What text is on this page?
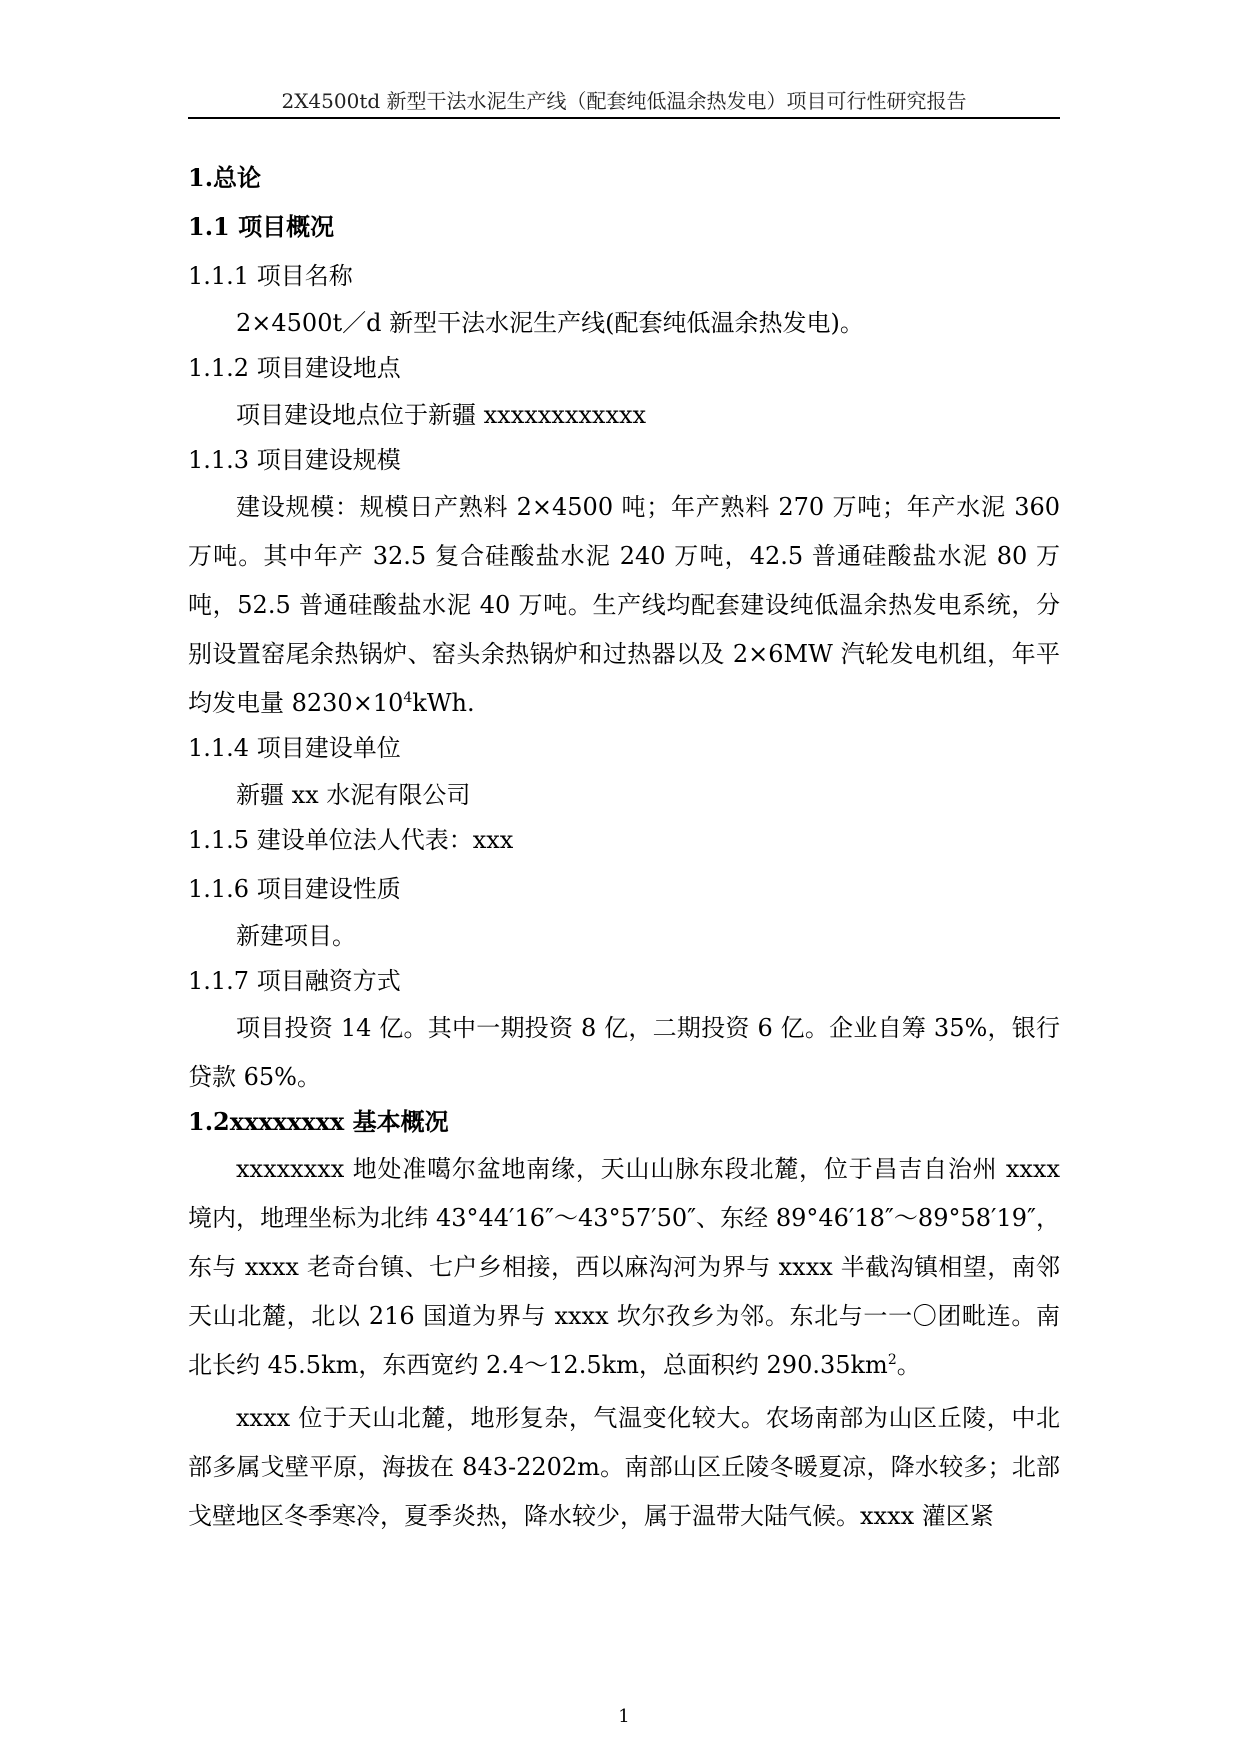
2X4500td 新型干法水泥生产线（配套纯低温余热发电）项目可行性研究报告
1.总论
1.1 项目概况
1.1.1 项目名称

2×4500t／d 新型干法水泥生产线(配套纯低温余热发电)。

1.1.2 项目建设地点

项目建设地点位于新疆 xxxxxxxxxxxx

1.1.3 项目建设规模

建设规模：规模日产熟料 2×4500 吨；年产熟料 270 万吨；年产水泥 360 万吨。其中年产 32.5 复合硅酸盐水泥 240 万吨，42.5 普通硅酸盐水泥 80 万吨，52.5 普通硅酸盐水泥 40 万吨。生产线均配套建设纯低温余热发电系统，分别设置窑尾余热锅炉、窑头余热锅炉和过热器以及 2×6MW 汽轮发电机组，年平均发电量 $8230\times 10^4kWh$.

1.1.4 项目建设单位

新疆 xx 水泥有限公司

1.1.5 建设单位法人代表：xxx
1.1.6 项目建设性质

新建项目。

1.1.7 项目融资方式

项目投资 14 亿。其中一期投资 8 亿，二期投资 6 亿。企业自筹 35%，银行贷款 65%。

1.2xxxxxxxx 基本概况

xxxxxxxx 地处准噶尔盆地南缘，天山山脉东段北麓，位于昌吉自治州 xxxx 境内，地理坐标为北纬 43°44′16″～43°57′50″、东经 89°46′18″～89°58′19″，东与 xxxx 老奇台镇、七户乡相接，西以麻沟河为界与 xxxx 半截沟镇相望，南邻天山北麓，北以 216 国道为界与 xxxx 坎尔孜乡为邻。东北与一一〇团毗连。南北长约 45.5km，东西宽约 2.4～12.5km，总面积约 $290.35km^2$。

xxxx 位于天山北麓，地形复杂，气温变化较大。农场南部为山区丘陵，中北部多属戈壁平原，海拔在 843-2202m。南部山区丘陵冬暖夏凉，降水较多；北部戈壁地区冬季寒冷，夏季炎热，降水较少，属于温带大陆气候。xxxx 灌区紧

1
